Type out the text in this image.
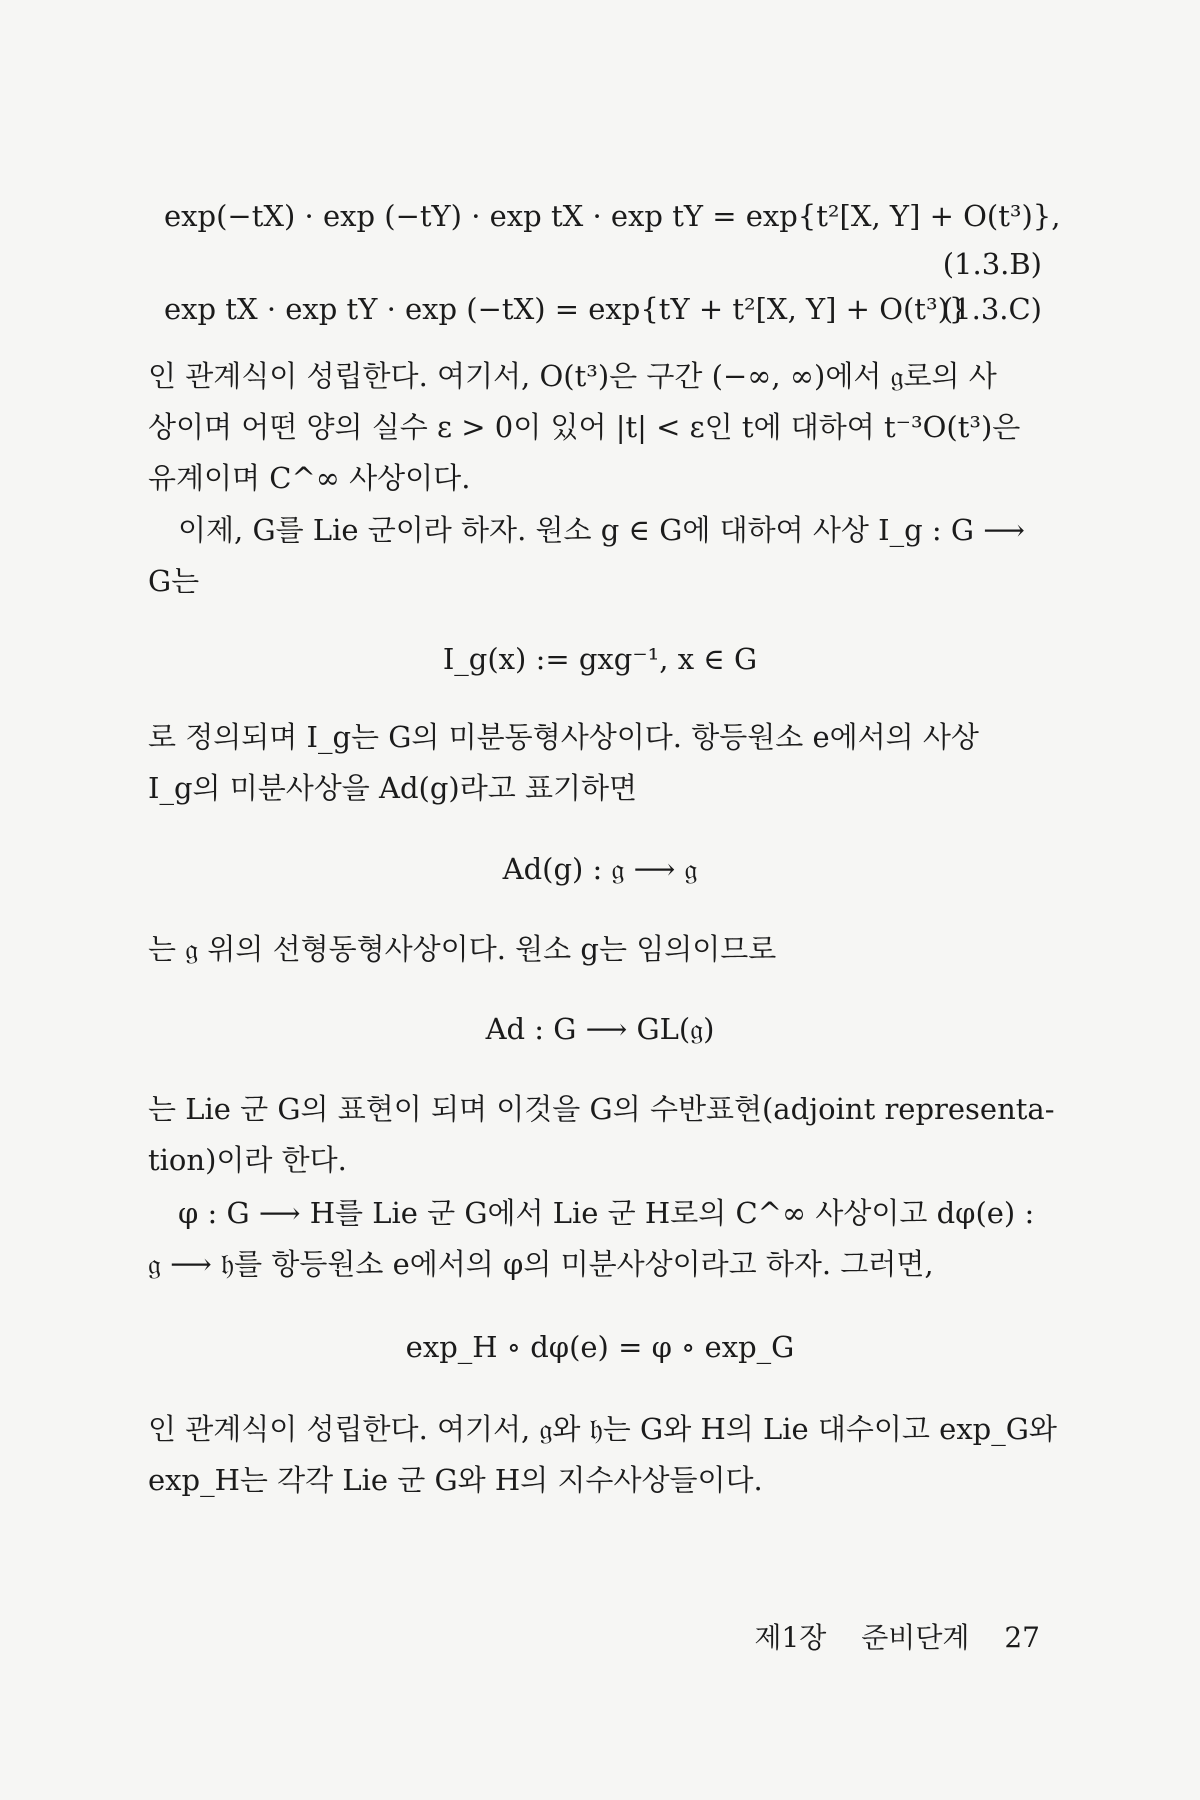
exp(−tX) · exp (−tY) · exp tX · exp tY = exp{t²[X, Y] + O(t³)},
(1.3.B)
exp tX · exp tY · exp (−tX) = exp{tY + t²[X, Y] + O(t³)}
(1.3.C)
인 관계식이 성립한다. 여기서, O(t³)은 구간 (−∞, ∞)에서 𝔤로의 사
상이며 어떤 양의 실수 ε > 0이 있어 |t| < ε인 t에 대하여 t⁻³O(t³)은
유계이며 C^∞ 사상이다.
이제, G를 Lie 군이라 하자. 원소 g ∈ G에 대하여 사상 I_g : G ⟶
G는
I_g(x) := gxg⁻¹, x ∈ G
로 정의되며 I_g는 G의 미분동형사상이다. 항등원소 e에서의 사상
I_g의 미분사상을 Ad(g)라고 표기하면
Ad(g) : 𝔤 ⟶ 𝔤
는 𝔤 위의 선형동형사상이다. 원소 g는 임의이므로
Ad : G ⟶ GL(𝔤)
는 Lie 군 G의 표현이 되며 이것을 G의 수반표현(adjoint representa-
tion)이라 한다.
φ : G ⟶ H를 Lie 군 G에서 Lie 군 H로의 C^∞ 사상이고 dφ(e) :
𝔤 ⟶ 𝔥를 항등원소 e에서의 φ의 미분사상이라고 하자. 그러면,
exp_H ∘ dφ(e) = φ ∘ exp_G
인 관계식이 성립한다. 여기서, 𝔤와 𝔥는 G와 H의 Lie 대수이고 exp_G와
exp_H는 각각 Lie 군 G와 H의 지수사상들이다.
제1장 준비단계 27
